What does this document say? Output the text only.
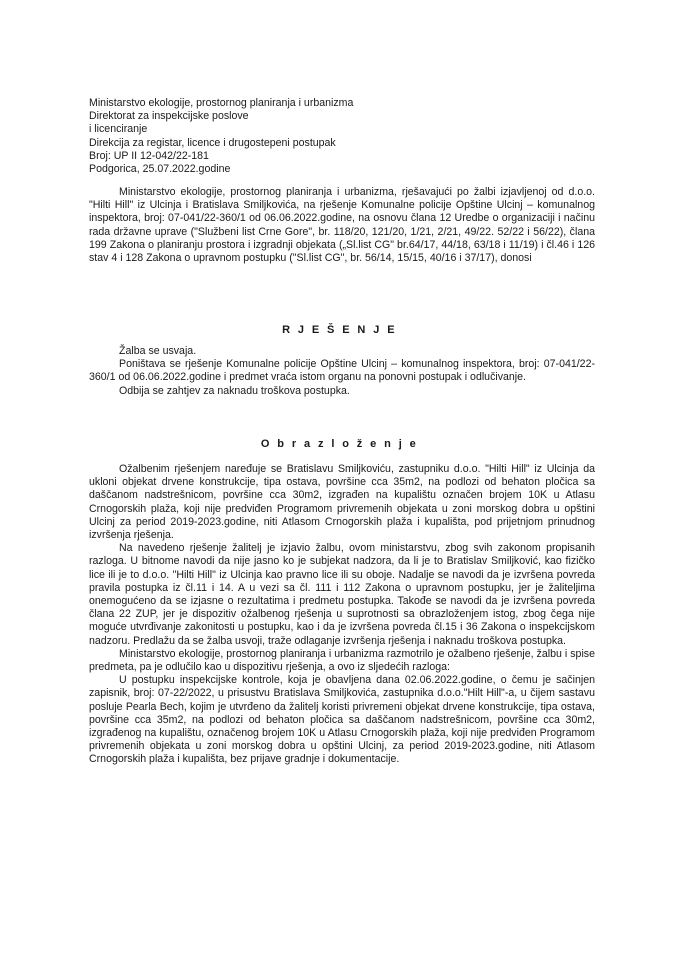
Ministarstvo ekologije, prostornog planiranja i urbanizma
Direktorat za inspekcijske poslove
i licenciranje
Direkcija za registar, licence i drugostepeni postupak
Broj: UP II 12-042/22-181
Podgorica, 25.07.2022.godine

Ministarstvo ekologije, prostornog planiranja i urbanizma, rješavajući po žalbi izjavljenoj od d.o.o. "Hilti Hill" iz Ulcinja i Bratislava Smiljkovića, na rješenje Komunalne policije Opštine Ulcinj – komunalnog inspektora, broj: 07-041/22-360/1 od 06.06.2022.godine, na osnovu člana 12 Uredbe o organizaciji i načinu rada državne uprave ("Službeni list Crne Gore", br. 118/20, 121/20, 1/21, 2/21, 49/22. 52/22 i 56/22), člana 199 Zakona o planiranju prostora i izgradnji objekata („Sl.list CG" br.64/17, 44/18, 63/18 i 11/19) i čl.46 i 126 stav 4 i 128 Zakona o upravnom postupku ("Sl.list CG", br. 56/14, 15/15, 40/16 i 37/17), donosi

R J E Š E N J E

Žalba se usvaja.

Poništava se rješenje Komunalne policije Opštine Ulcinj – komunalnog inspektora, broj: 07-041/22-360/1 od 06.06.2022.godine i predmet vraća istom organu na ponovni postupak i odlučivanje.

Odbija se zahtjev za naknadu troškova postupka.

O b r a z l o ž e n j e

Ožalbenim rješenjem naređuje se Bratislavu Smiljkoviću, zastupniku d.o.o. "Hilti Hill" iz Ulcinja da ukloni objekat drvene konstrukcije, tipa ostava, površine cca 35m2, na podlozi od behaton pločica sa daščanom nadstrešnicom, površine cca 30m2, izgrađen na kupalištu označen brojem 10K u Atlasu Crnogorskih plaža, koji nije predviđen Programom privremenih objekata u zoni morskog dobra u opštini Ulcinj za period 2019-2023.godine, niti Atlasom Crnogorskih plaža i kupališta, pod prijetnjom prinudnog izvršenja rješenja.

Na navedeno rješenje žalitelj je izjavio žalbu, ovom ministarstvu, zbog svih zakonom propisanih razloga. U bitnome navodi da nije jasno ko je subjekat nadzora, da li je to Bratislav Smiljković, kao fizičko lice ili je to d.o.o. "Hilti Hill" iz Ulcinja kao pravno lice ili su oboje. Nadalje se navodi da je izvršena povreda pravila postupka iz čl.11 i 14. A u vezi sa čl. 111 i 112 Zakona o upravnom postupku, jer je žaliteljima onemogućeno da se izjasne o rezultatima i predmetu postupka. Takođe se navodi da je izvršena povreda člana 22 ZUP, jer je dispozitiv ožalbenog rješenja u suprotnosti sa obrazloženjem istog, zbog čega nije moguće utvrđivanje zakonitosti u postupku, kao i da je izvršena povreda čl.15 i 36 Zakona o inspekcijskom nadzoru. Predlažu da se žalba usvoji, traže odlaganje izvršenja rješenja i naknadu troškova postupka.

Ministarstvo ekologije, prostornog planiranja i urbanizma razmotrilo je ožalbeno rješenje, žalbu i spise predmeta, pa je odlučilo kao u dispozitivu rješenja, a ovo iz sljedećih razloga:

U postupku inspekcijske kontrole, koja je obavljena dana 02.06.2022.godine, o čemu je sačinjen zapisnik, broj: 07-22/2022, u prisustvu Bratislava Smiljkovića, zastupnika d.o.o."Hilt Hill"-a, u čijem sastavu posluje Pearla Bech, kojim je utvrđeno da žalitelj koristi privremeni objekat drvene konstrukcije, tipa ostava, površine cca 35m2, na podlozi od behaton pločica sa daščanom nadstrešnicom, površine cca 30m2, izgrađenog na kupalištu, označenog brojem 10K u Atlasu Crnogorskih plaža, koji nije predviđen Programom privremenih objekata u zoni morskog dobra u opštini Ulcinj, za period 2019-2023.godine, niti Atlasom Crnogorskih plaža i kupališta, bez prijave gradnje i dokumentacije.
